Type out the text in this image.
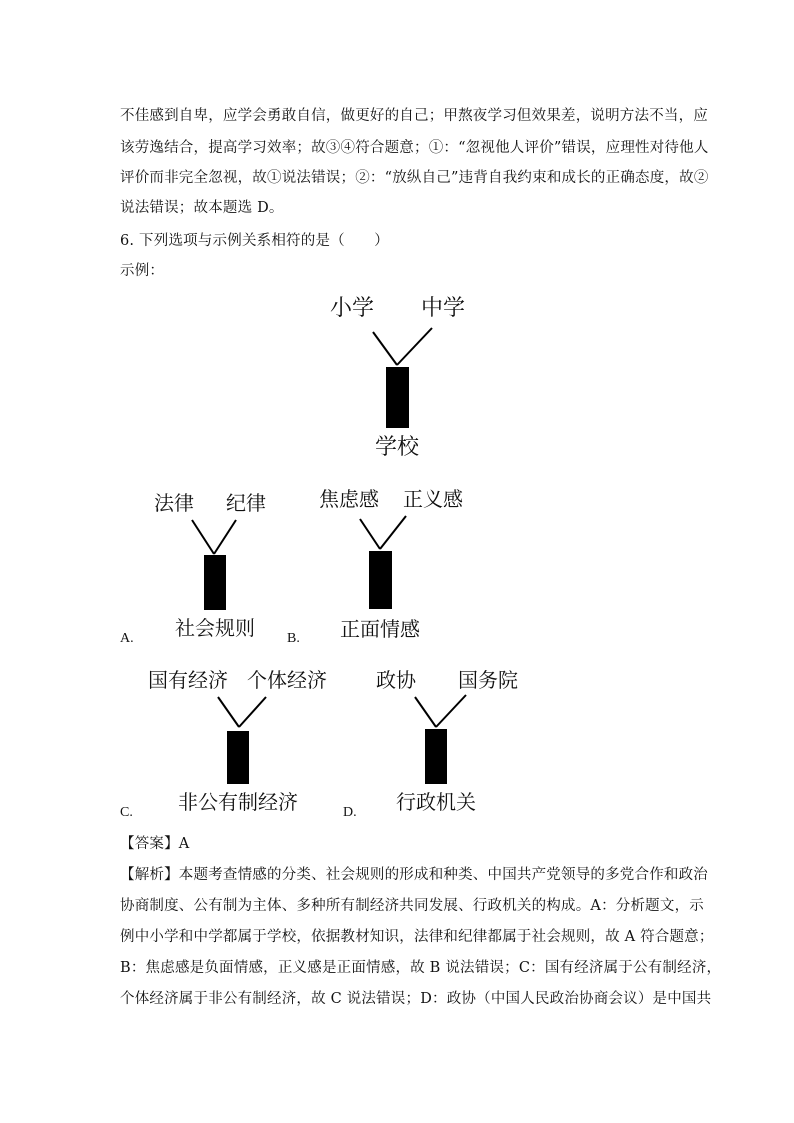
不佳感到自卑，应学会勇敢自信，做更好的自己；甲熬夜学习但效果差，说明方法不当，应
该劳逸结合，提高学习效率；故③④符合题意；①：“忽视他人评价”错误，应理性对待他人
评价而非完全忽视，故①说法错误；②：“放纵自己”违背自我约束和成长的正确态度，故②
说法错误；故本题选 D。
6. 下列选项与示例关系相符的是（　　）
示例：
小学 中学
学校
A.
法律 纪律
社会规则 B.
焦虑感 正义感
正面情感
C.
国有经济 个体经济
非公有制经济	D.
政协 国务院
行政机关
【答案】A
【解析】本题考查情感的分类、社会规则的形成和种类、中国共产党领导的多党合作和政治
协商制度、公有制为主体、多种所有制经济共同发展、行政机关的构成。A：分析题文，示
例中小学和中学都属于学校，依据教材知识，法律和纪律都属于社会规则，故 A 符合题意；
B：焦虑感是负面情感，正义感是正面情感，故 B 说法错误；C：国有经济属于公有制经济，
个体经济属于非公有制经济，故 C 说法错误；D：政协（中国人民政治协商会议）是中国共
